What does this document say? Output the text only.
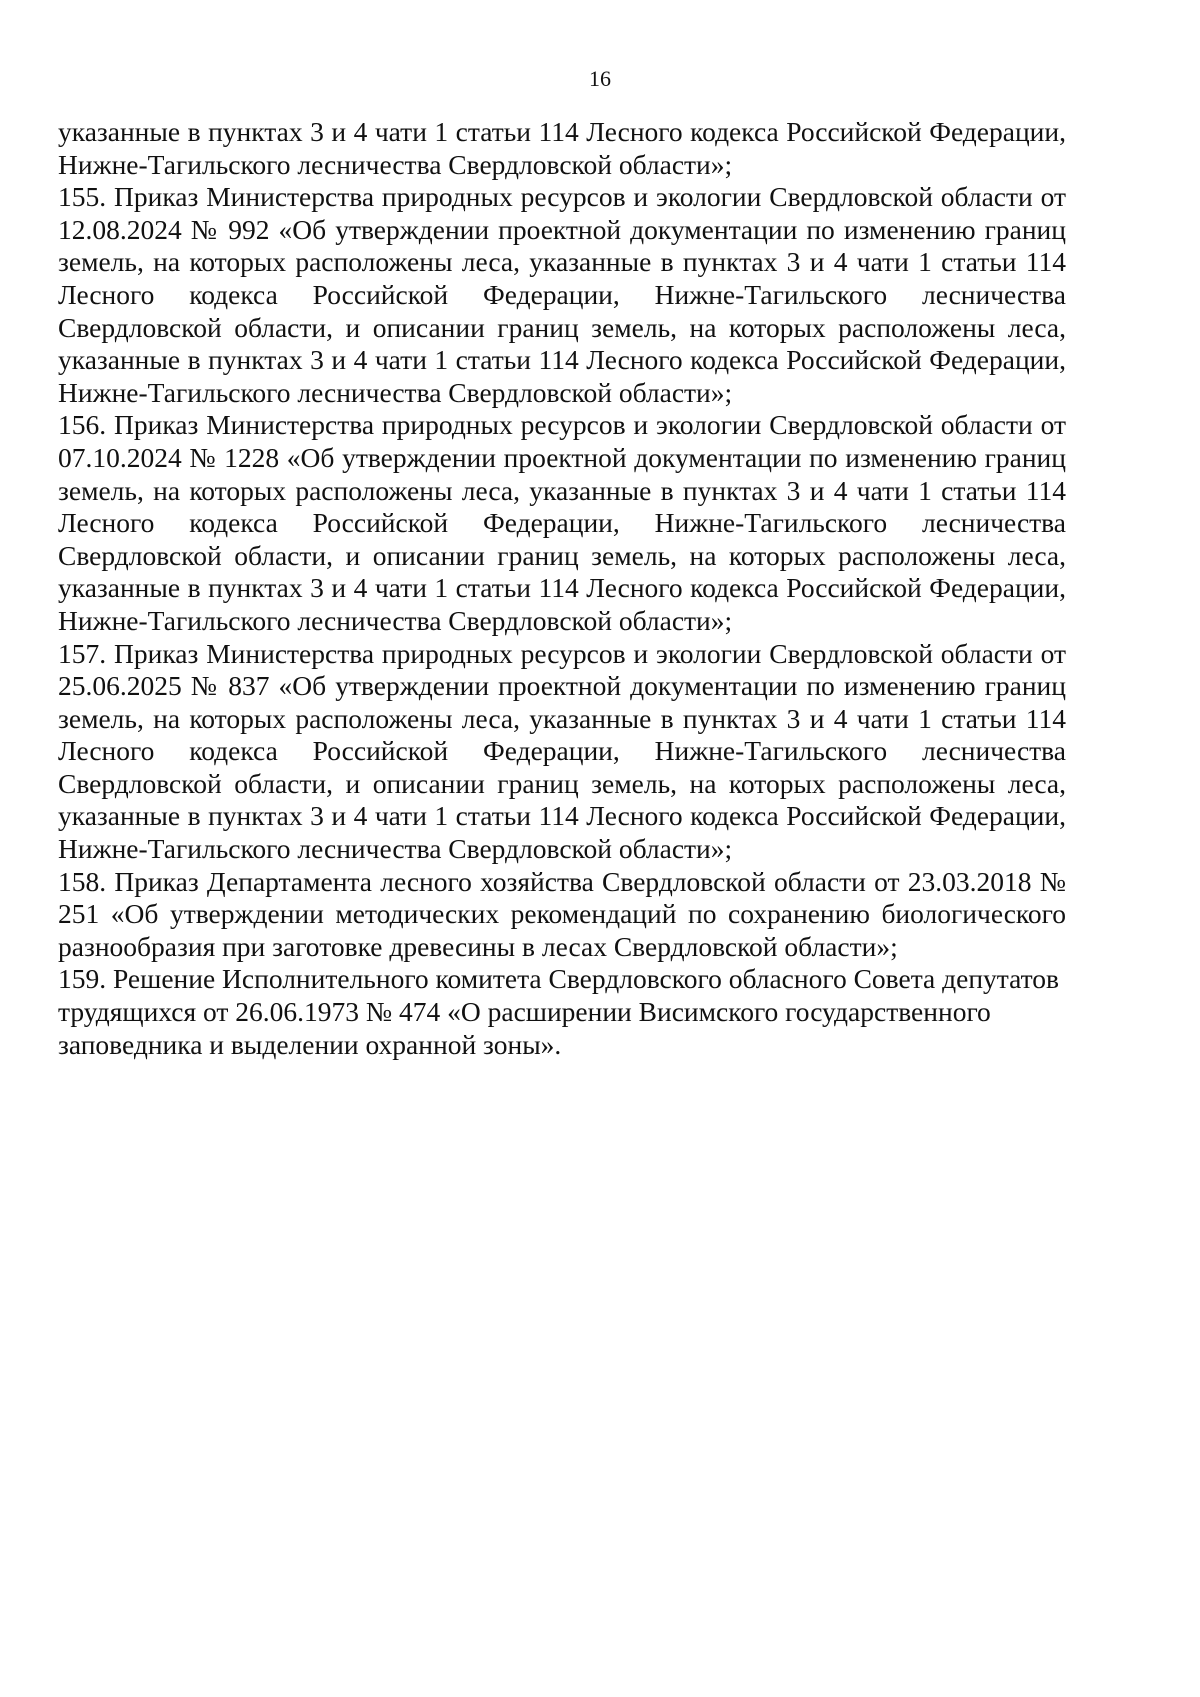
16

указанные в пунктах 3 и 4 чати 1 статьи 114 Лесного кодекса Российской Федерации, Нижне-Тагильского лесничества Свердловской области»;

155. Приказ Министерства природных ресурсов и экологии Свердловской области от 12.08.2024 № 992 «Об утверждении проектной документации по изменению границ земель, на которых расположены леса, указанные в пунктах 3 и 4 чати 1 статьи 114 Лесного кодекса Российской Федерации, Нижне-Тагильского лесничества Свердловской области, и описании границ земель, на которых расположены леса, указанные в пунктах 3 и 4 чати 1 статьи 114 Лесного кодекса Российской Федерации, Нижне-Тагильского лесничества Свердловской области»;

156. Приказ Министерства природных ресурсов и экологии Свердловской области от 07.10.2024 № 1228 «Об утверждении проектной документации по изменению границ земель, на которых расположены леса, указанные в пунктах 3 и 4 чати 1 статьи 114 Лесного кодекса Российской Федерации, Нижне-Тагильского лесничества Свердловской области, и описании границ земель, на которых расположены леса, указанные в пунктах 3 и 4 чати 1 статьи 114 Лесного кодекса Российской Федерации, Нижне-Тагильского лесничества Свердловской области»;

157. Приказ Министерства природных ресурсов и экологии Свердловской области от 25.06.2025 № 837 «Об утверждении проектной документации по изменению границ земель, на которых расположены леса, указанные в пунктах 3 и 4 чати 1 статьи 114 Лесного кодекса Российской Федерации, Нижне-Тагильского лесничества Свердловской области, и описании границ земель, на которых расположены леса, указанные в пунктах 3 и 4 чати 1 статьи 114 Лесного кодекса Российской Федерации, Нижне-Тагильского лесничества Свердловской области»;

158. Приказ Департамента лесного хозяйства Свердловской области от 23.03.2018 № 251 «Об утверждении методических рекомендаций по сохранению биологического разнообразия при заготовке древесины в лесах Свердловской области»;

159. Решение Исполнительного комитета Свердловского обласного Совета депутатов трудящихся от 26.06.1973 № 474 «О расширении Висимского государственного заповедника и выделении охранной зоны».
